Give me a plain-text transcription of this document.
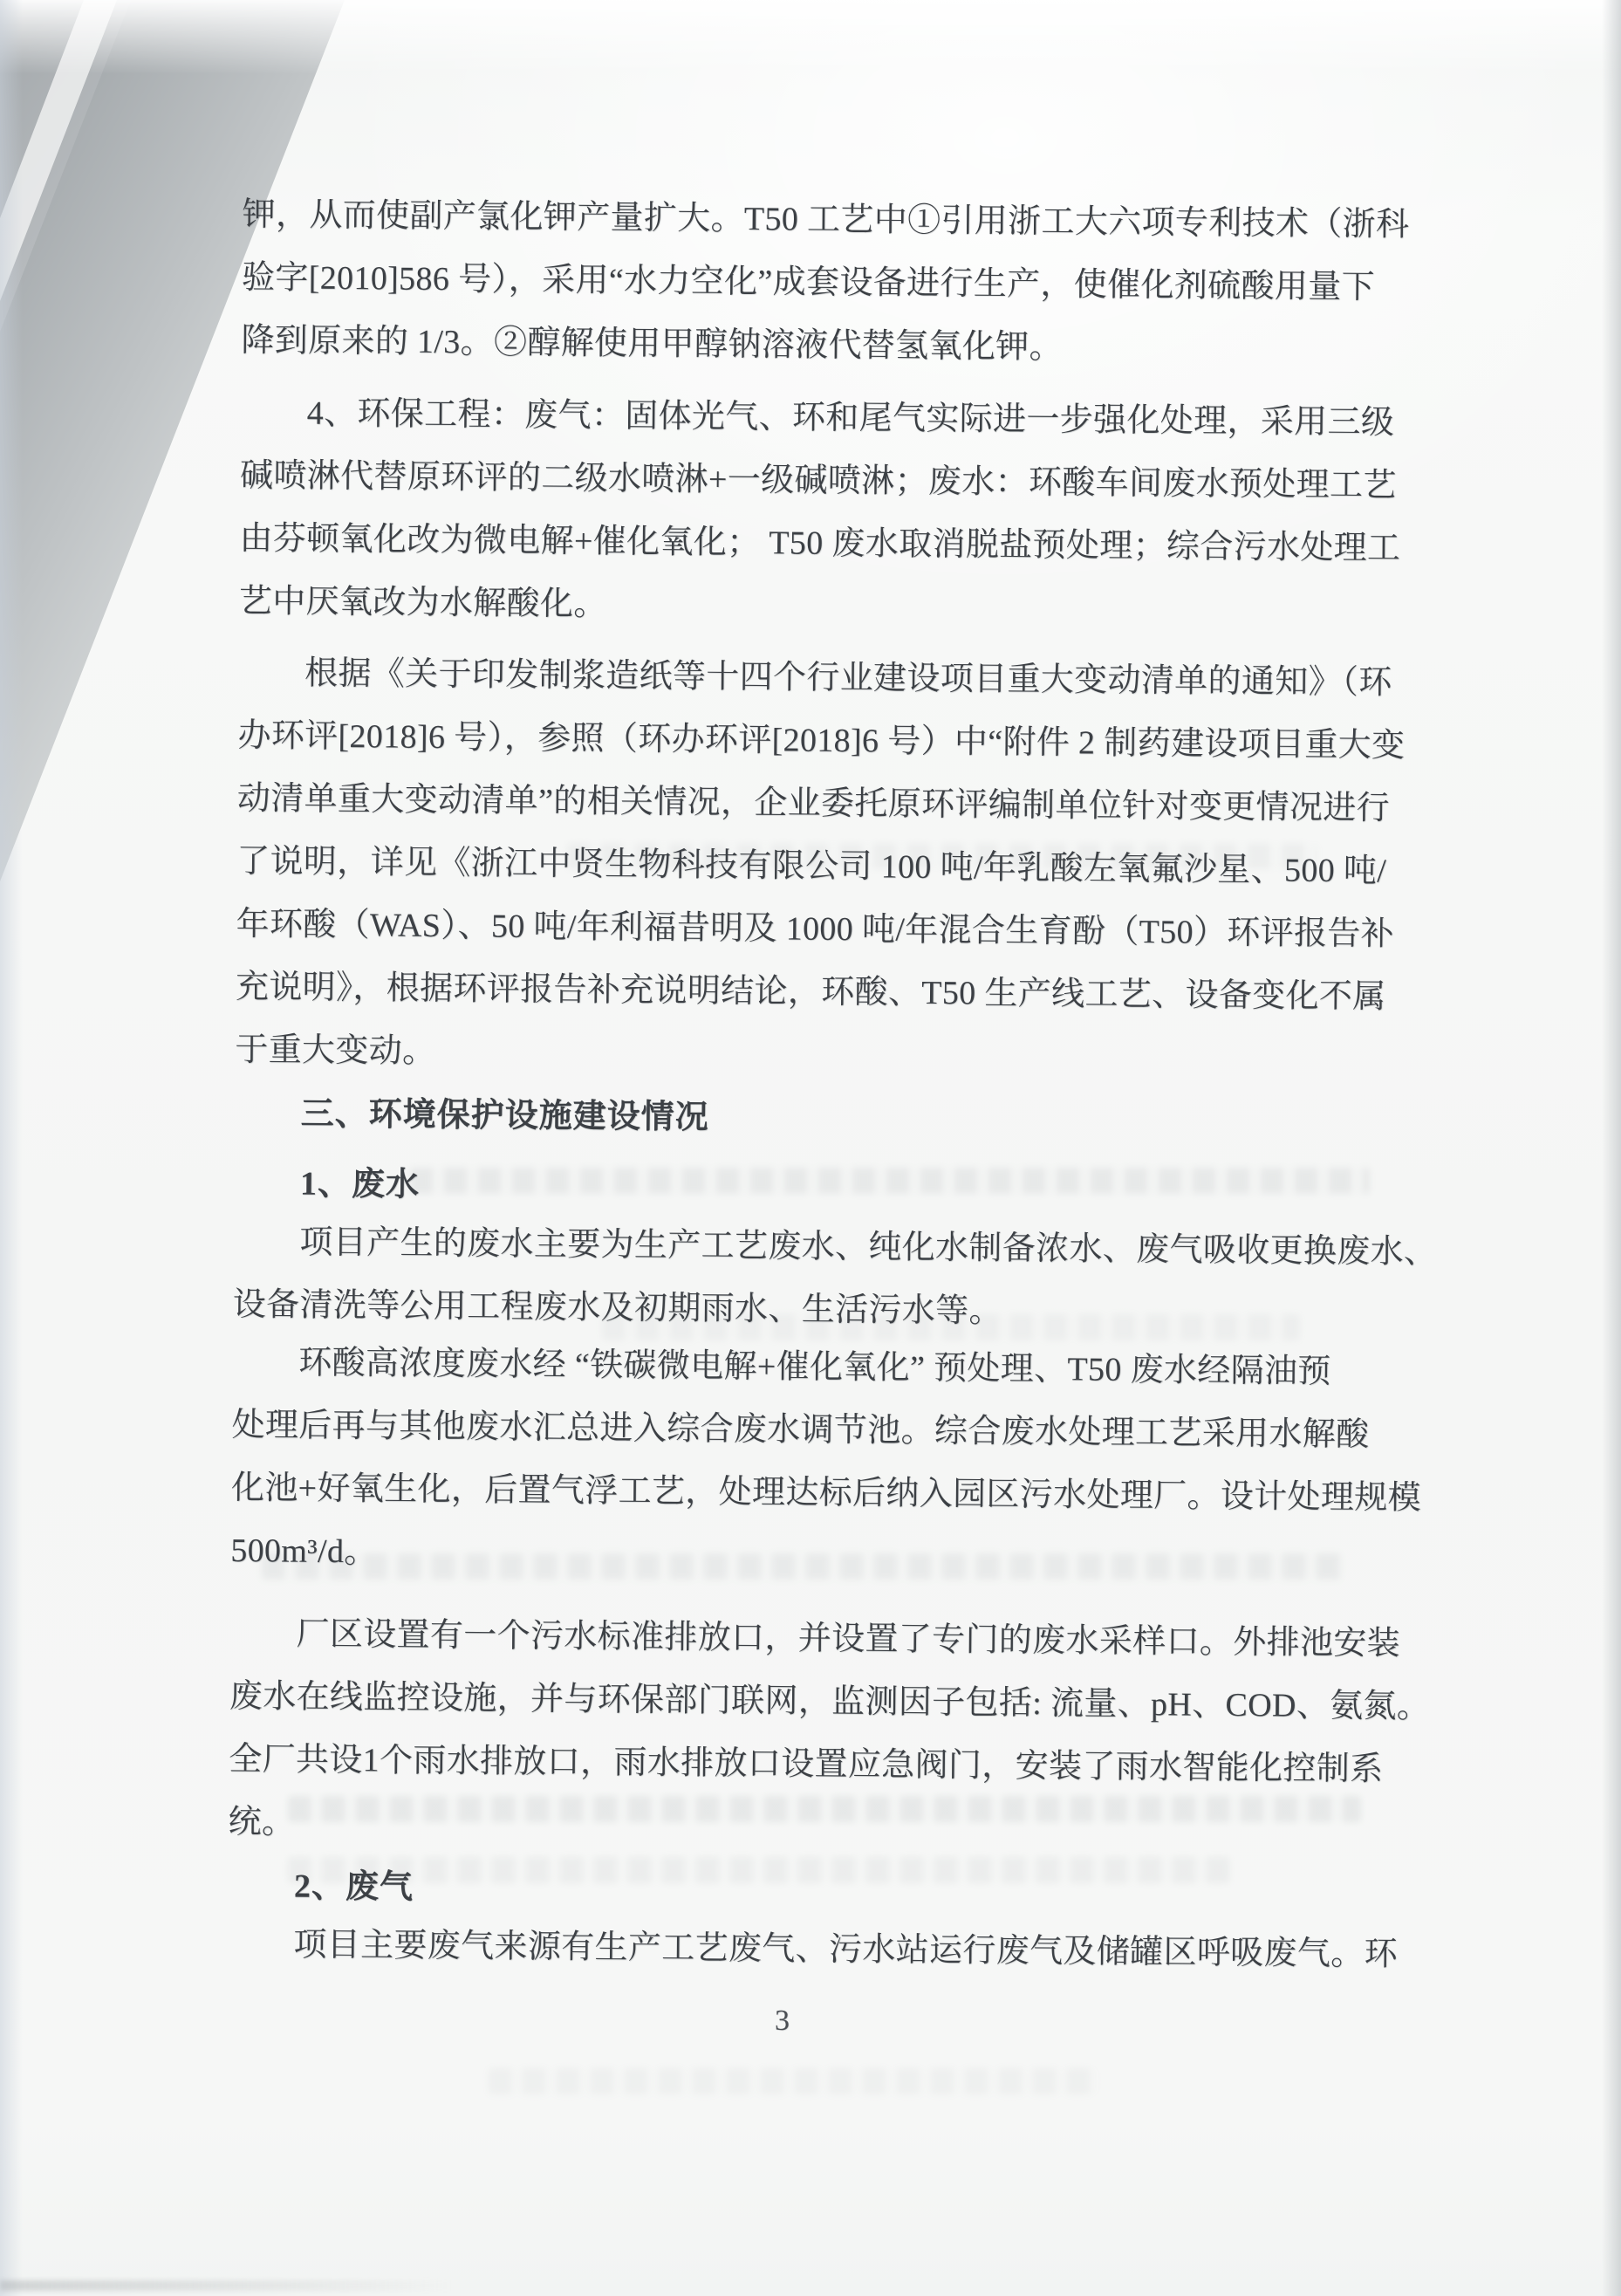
钾，从而使副产氯化钾产量扩大。T50 工艺中①引用浙工大六项专利技术（浙科
验字[2010]586 号），采用“水力空化”成套设备进行生产，使催化剂硫酸用量下
降到原来的 1/3。②醇解使用甲醇钠溶液代替氢氧化钾。
4、环保工程：废气：固体光气、环和尾气实际进一步强化处理，采用三级
碱喷淋代替原环评的二级水喷淋+一级碱喷淋；废水：环酸车间废水预处理工艺
由芬顿氧化改为微电解+催化氧化； T50 废水取消脱盐预处理；综合污水处理工
艺中厌氧改为水解酸化。
根据《关于印发制浆造纸等十四个行业建设项目重大变动清单的通知》（环
办环评[2018]6 号），参照（环办环评[2018]6 号）中“附件 2 制药建设项目重大变
动清单重大变动清单”的相关情况，企业委托原环评编制单位针对变更情况进行
了说明，详见《浙江中贤生物科技有限公司 100 吨/年乳酸左氧氟沙星、500 吨/
年环酸（WAS）、50 吨/年利福昔明及 1000 吨/年混合生育酚（T50）环评报告补
充说明》，根据环评报告补充说明结论，环酸、T50 生产线工艺、设备变化不属
于重大变动。
三、环境保护设施建设情况
1、废水
项目产生的废水主要为生产工艺废水、纯化水制备浓水、废气吸收更换废水、
设备清洗等公用工程废水及初期雨水、生活污水等。
环酸高浓度废水经 “铁碳微电解+催化氧化” 预处理、T50 废水经隔油预
处理后再与其他废水汇总进入综合废水调节池。综合废水处理工艺采用水解酸
化池+好氧生化，后置气浮工艺，处理达标后纳入园区污水处理厂。设计处理规模
500m³/d。
厂区设置有一个污水标准排放口，并设置了专门的废水采样口。外排池安装
废水在线监控设施，并与环保部门联网，监测因子包括: 流量、pH、COD、氨氮。
全厂共设1个雨水排放口，雨水排放口设置应急阀门，安装了雨水智能化控制系
统。
2、废气
项目主要废气来源有生产工艺废气、污水站运行废气及储罐区呼吸废气。环
3
